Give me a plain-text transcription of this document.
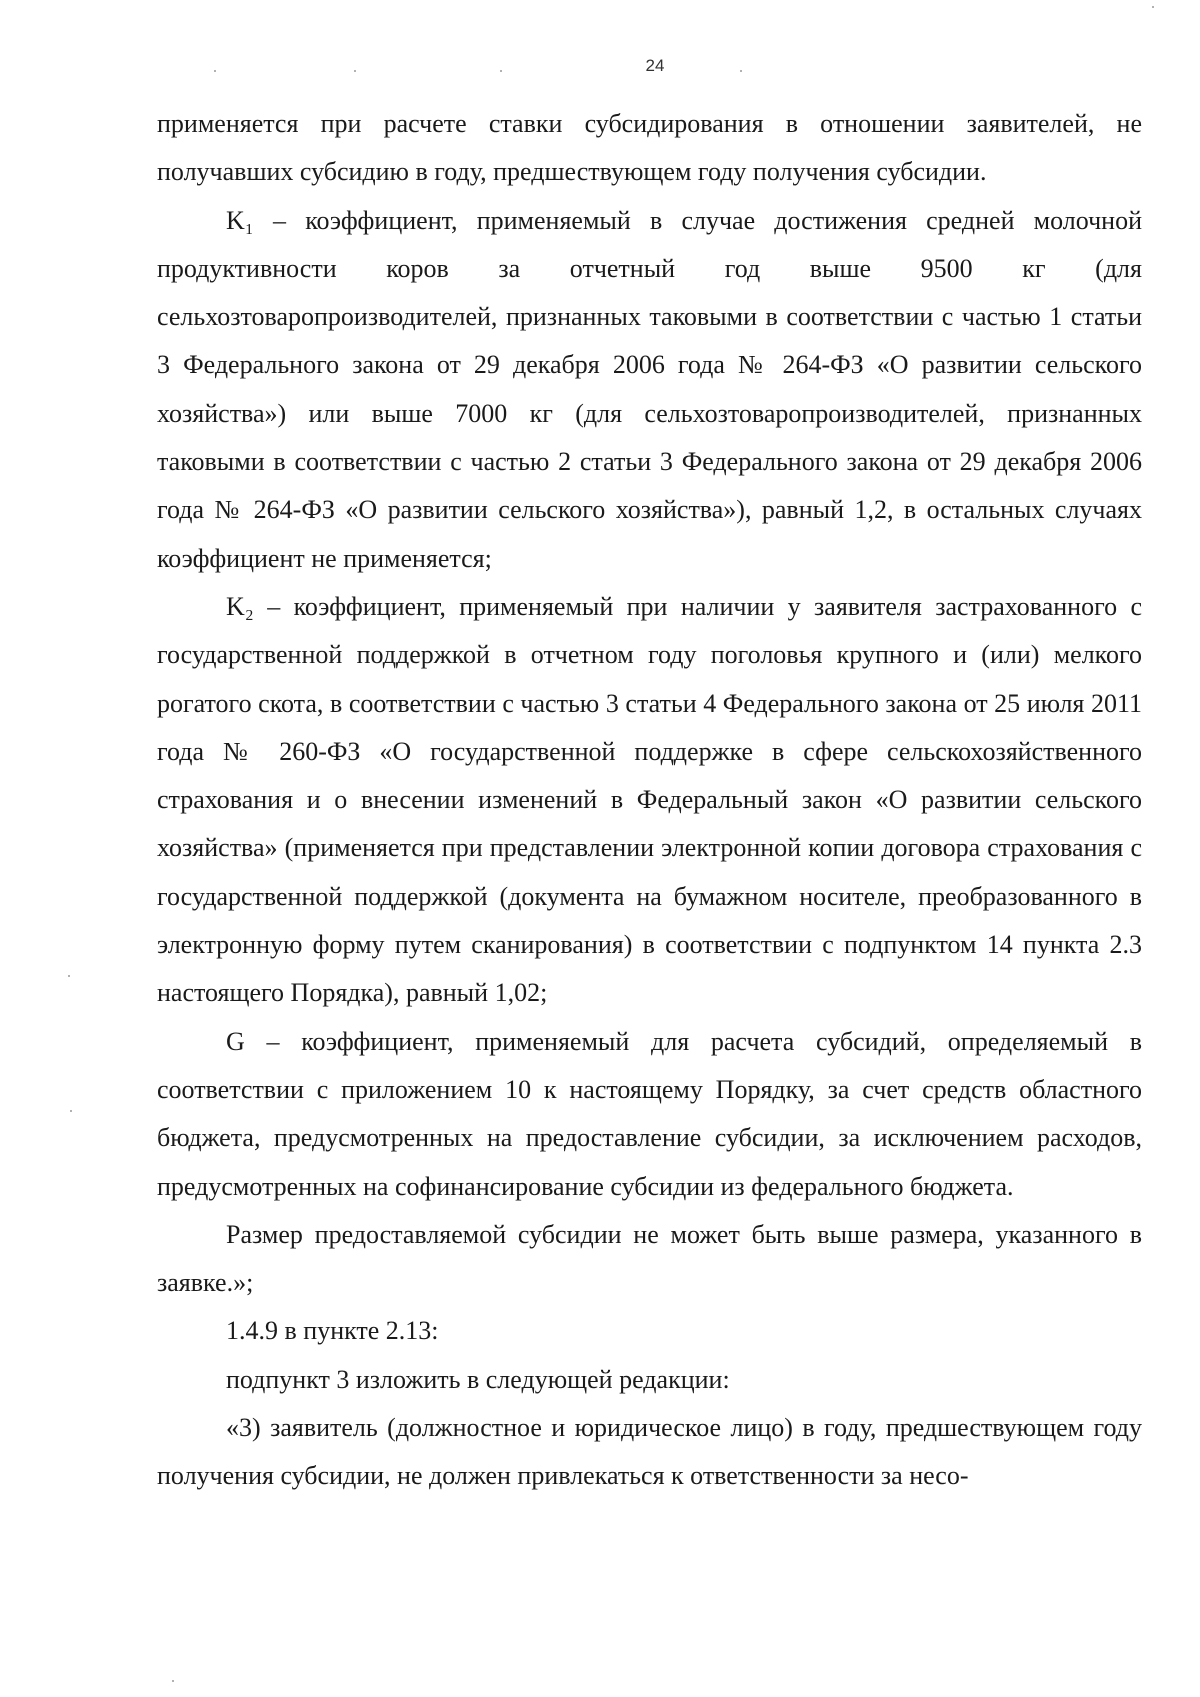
24

применяется при расчете ставки субсидирования в отношении заявителей, не получавших субсидию в году, предшествующем году получения субсидии.

K₁ – коэффициент, применяемый в случае достижения средней молочной продуктивности коров за отчетный год выше 9500 кг (для сельхозтоваропроизводителей, признанных таковыми в соответствии с частью 1 статьи 3 Федерального закона от 29 декабря 2006 года № 264-ФЗ «О развитии сельского хозяйства») или выше 7000 кг (для сельхозтоваропроизводителей, признанных таковыми в соответствии с частью 2 статьи 3 Федерального закона от 29 декабря 2006 года № 264-ФЗ «О развитии сельского хозяйства»), равный 1,2, в остальных случаях коэффициент не применяется;

K₂ – коэффициент, применяемый при наличии у заявителя застрахованного с государственной поддержкой в отчетном году поголовья крупного и (или) мелкого рогатого скота, в соответствии с частью 3 статьи 4 Федерального закона от 25 июля 2011 года № 260-ФЗ «О государственной поддержке в сфере сельскохозяйственного страхования и о внесении изменений в Федеральный закон «О развитии сельского хозяйства» (применяется при представлении электронной копии договора страхования с государственной поддержкой (документа на бумажном носителе, преобразованного в электронную форму путем сканирования) в соответствии с подпунктом 14 пункта 2.3 настоящего Порядка), равный 1,02;

G – коэффициент, применяемый для расчета субсидий, определяемый в соответствии с приложением 10 к настоящему Порядку, за счет средств областного бюджета, предусмотренных на предоставление субсидии, за исключением расходов, предусмотренных на софинансирование субсидии из федерального бюджета.

Размер предоставляемой субсидии не может быть выше размера, указанного в заявке.»;

1.4.9 в пункте 2.13:

подпункт 3 изложить в следующей редакции:

«3) заявитель (должностное и юридическое лицо) в году, предшествующем году получения субсидии, не должен привлекаться к ответственности за несо-
